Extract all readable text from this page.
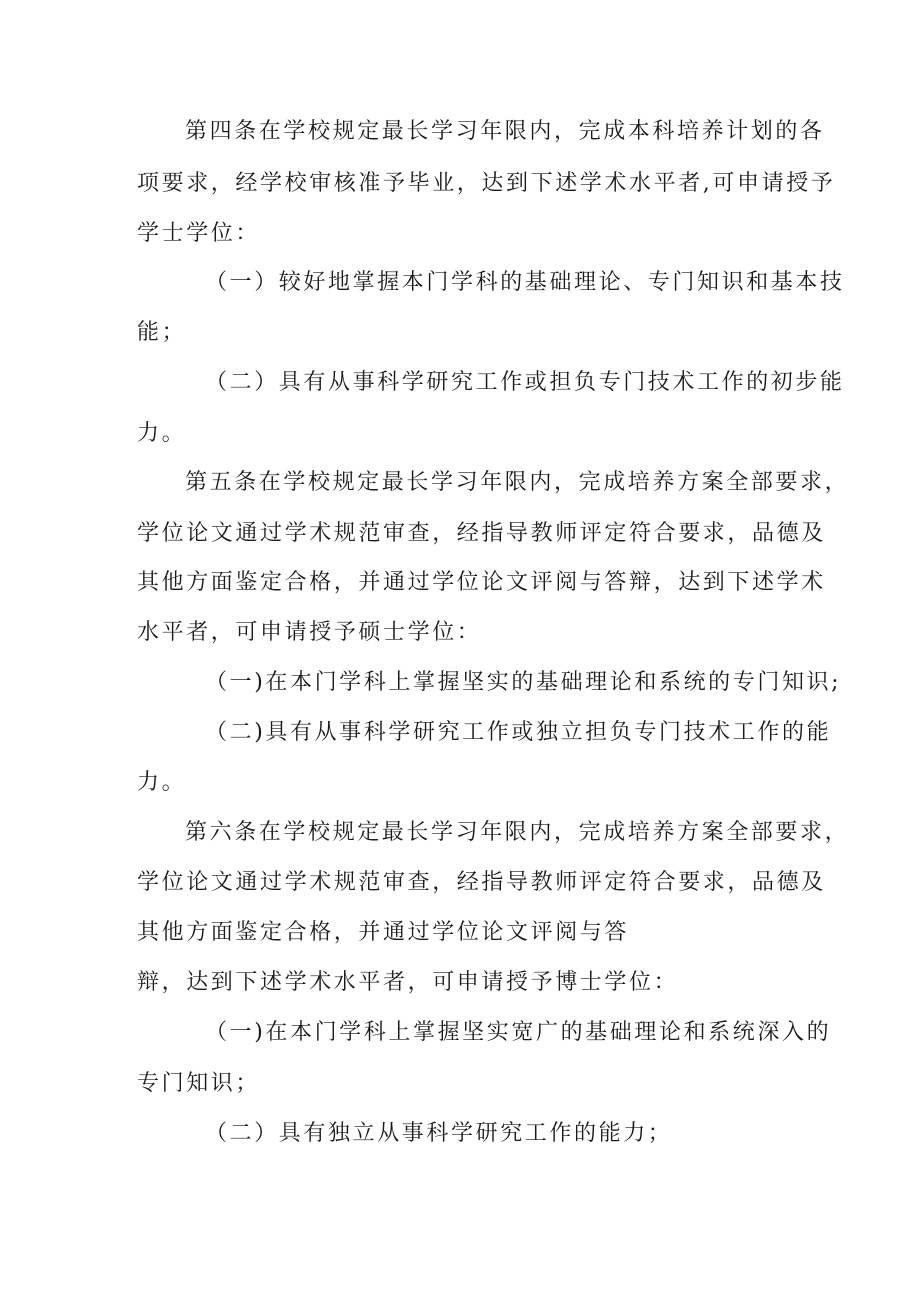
第四条在学校规定最长学习年限内，完成本科培养计划的各
项要求，经学校审核准予毕业，达到下述学术水平者,可申请授予
学士学位：
（一）较好地掌握本门学科的基础理论、专门知识和基本技
能；
（二）具有从事科学研究工作或担负专门技术工作的初步能
力。
第五条在学校规定最长学习年限内，完成培养方案全部要求，
学位论文通过学术规范审查，经指导教师评定符合要求，品德及
其他方面鉴定合格，并通过学位论文评阅与答辩，达到下述学术
水平者，可申请授予硕士学位：
（一)在本门学科上掌握坚实的基础理论和系统的专门知识;
（二)具有从事科学研究工作或独立担负专门技术工作的能
力。
第六条在学校规定最长学习年限内，完成培养方案全部要求，
学位论文通过学术规范审查，经指导教师评定符合要求，品德及
其他方面鉴定合格，并通过学位论文评阅与答
辩，达到下述学术水平者，可申请授予博士学位：
（一)在本门学科上掌握坚实宽广的基础理论和系统深入的
专门知识；
（二）具有独立从事科学研究工作的能力；
